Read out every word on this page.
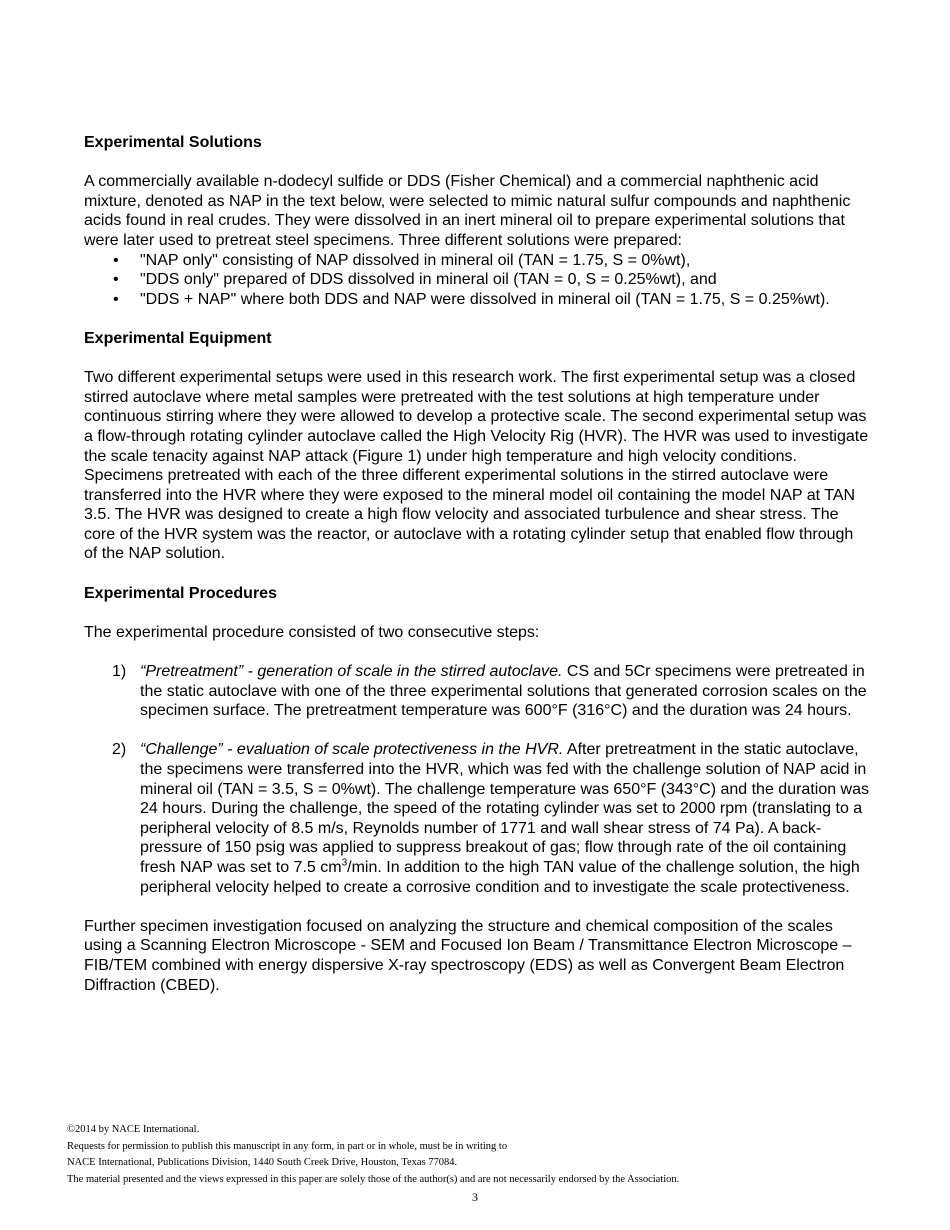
Experimental Solutions

A commercially available n-dodecyl sulfide or DDS (Fisher Chemical) and a commercial naphthenic acid mixture, denoted as NAP in the text below, were selected to mimic natural sulfur compounds and naphthenic acids found in real crudes. They were dissolved in an inert mineral oil to prepare experimental solutions that were later used to pretreat steel specimens. Three different solutions were prepared:

• "NAP only" consisting of NAP dissolved in mineral oil (TAN = 1.75, S = 0%wt),
• "DDS only" prepared of DDS dissolved in mineral oil (TAN = 0, S = 0.25%wt), and
• "DDS + NAP" where both DDS and NAP were dissolved in mineral oil (TAN = 1.75, S = 0.25%wt).
Experimental Equipment

Two different experimental setups were used in this research work. The first experimental setup was a closed stirred autoclave where metal samples were pretreated with the test solutions at high temperature under continuous stirring where they were allowed to develop a protective scale. The second experimental setup was a flow-through rotating cylinder autoclave called the High Velocity Rig (HVR). The HVR was used to investigate the scale tenacity against NAP attack (Figure 1) under high temperature and high velocity conditions. Specimens pretreated with each of the three different experimental solutions in the stirred autoclave were transferred into the HVR where they were exposed to the mineral model oil containing the model NAP at TAN 3.5. The HVR was designed to create a high flow velocity and associated turbulence and shear stress. The core of the HVR system was the reactor, or autoclave with a rotating cylinder setup that enabled flow through of the NAP solution.

Experimental Procedures

The experimental procedure consisted of two consecutive steps:

1) “Pretreatment” - generation of scale in the stirred autoclave. CS and 5Cr specimens were pretreated in the static autoclave with one of the three experimental solutions that generated corrosion scales on the specimen surface. The pretreatment temperature was 600°F (316°C) and the duration was 24 hours.
2) “Challenge” - evaluation of scale protectiveness in the HVR. After pretreatment in the static autoclave, the specimens were transferred into the HVR, which was fed with the challenge solution of NAP acid in mineral oil (TAN = 3.5, S = 0%wt). The challenge temperature was 650°F (343°C) and the duration was 24 hours. During the challenge, the speed of the rotating cylinder was set to 2000 rpm (translating to a peripheral velocity of 8.5 m/s, Reynolds number of 1771 and wall shear stress of 74 Pa). A back-pressure of 150 psig was applied to suppress breakout of gas; flow through rate of the oil containing fresh NAP was set to 7.5 $cm^3/\min$. In addition to the high TAN value of the challenge solution, the high peripheral velocity helped to create a corrosive condition and to investigate the scale protectiveness.

Further specimen investigation focused on analyzing the structure and chemical composition of the scales using a Scanning Electron Microscope - SEM and Focused Ion Beam / Transmittance Electron Microscope – FIB/TEM combined with energy dispersive X-ray spectroscopy (EDS) as well as Convergent Beam Electron Diffraction (CBED).

©2014 by NACE International.
Requests for permission to publish this manuscript in any form, in part or in whole, must be in writing to
NACE International, Publications Division, 1440 South Creek Drive, Houston, Texas 77084.
The material presented and the views expressed in this paper are solely those of the author(s) and are not necessarily endorsed by the Association.
3
